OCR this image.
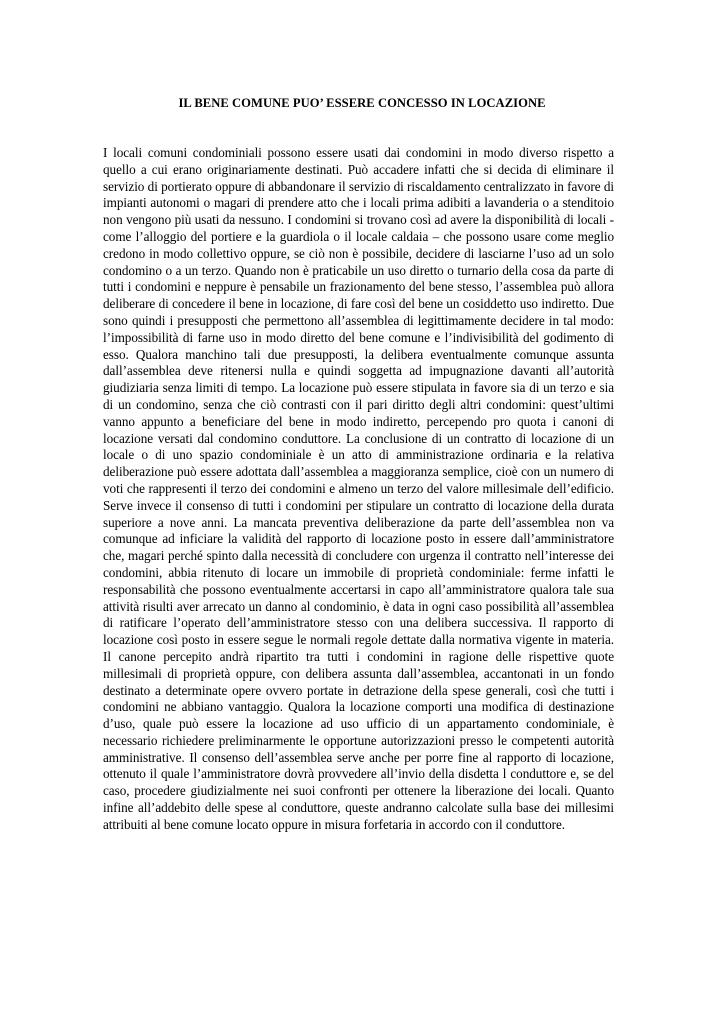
IL BENE COMUNE PUO’ ESSERE CONCESSO IN LOCAZIONE

I locali comuni condominiali possono essere usati dai condomini in modo diverso rispetto a quello a cui erano originariamente destinati. Può accadere infatti che si decida di eliminare il servizio di portierato oppure di abbandonare il servizio di riscaldamento centralizzato in favore di impianti autonomi o magari di prendere atto che i locali prima adibiti a lavanderia o a stenditoio non vengono più usati da nessuno. I condomini si trovano così ad avere la disponibilità di locali - come l’alloggio del portiere e la guardiola o il locale caldaia – che possono usare come meglio credono in modo collettivo oppure, se ciò non è possibile, decidere di lasciarne l’uso ad un solo condomino o a un terzo. Quando non è praticabile un uso diretto o turnario della cosa da parte di tutti i condomini e neppure è pensabile un frazionamento del bene stesso, l’assemblea può allora deliberare di concedere il bene in locazione, di fare così del bene un cosiddetto uso indiretto. Due sono quindi i presupposti che permettono all’assemblea di legittimamente decidere in tal modo: l’impossibilità di farne uso in modo diretto del bene comune e l’indivisibilità del godimento di esso. Qualora manchino tali due presupposti, la delibera eventualmente comunque assunta dall’assemblea deve ritenersi nulla e quindi soggetta ad impugnazione davanti all’autorità giudiziaria senza limiti di tempo. La locazione può essere stipulata in favore sia di un terzo e sia di un condomino, senza che ciò contrasti con il pari diritto degli altri condomini: quest’ultimi vanno appunto a beneficiare del bene in modo indiretto, percependo pro quota i canoni di locazione versati dal condomino conduttore. La conclusione di un contratto di locazione di un locale o di uno spazio condominiale è un atto di amministrazione ordinaria e la relativa deliberazione può essere adottata dall’assemblea a maggioranza semplice, cioè con un numero di voti che rappresenti il terzo dei condomini e almeno un terzo del valore millesimale dell’edificio. Serve invece il consenso di tutti i condomini per stipulare un contratto di locazione della durata superiore a nove anni. La mancata preventiva deliberazione da parte dell’assemblea non va comunque ad inficiare la validità del rapporto di locazione posto in essere dall’amministratore che, magari perché spinto dalla necessità di concludere con urgenza il contratto nell’interesse dei condomini, abbia ritenuto di locare un immobile di proprietà condominiale: ferme infatti le responsabilità che possono eventualmente accertarsi in capo all’amministratore qualora tale sua attività risulti aver arrecato un danno al condominio, è data in ogni caso possibilità all’assemblea di ratificare l’operato dell’amministratore stesso con una delibera successiva. Il rapporto di locazione così posto in essere segue le normali regole dettate dalla normativa vigente in materia. Il canone percepito andrà ripartito tra tutti i condomini in ragione delle rispettive quote millesimali di proprietà oppure, con delibera assunta dall’assemblea, accantonati in un fondo destinato a determinate opere ovvero portate in detrazione della spese generali, così che tutti i condomini ne abbiano vantaggio. Qualora la locazione comporti una modifica di destinazione d’uso, quale può essere la locazione ad uso ufficio di un appartamento condominiale, è necessario richiedere preliminarmente le opportune autorizzazioni presso le competenti autorità amministrative. Il consenso dell’assemblea serve anche per porre fine al rapporto di locazione, ottenuto il quale l’amministratore dovrà provvedere all’invio della disdetta l conduttore e, se del caso, procedere giudizialmente nei suoi confronti per ottenere la liberazione dei locali. Quanto infine all’addebito delle spese al conduttore, queste andranno calcolate sulla base dei millesimi attribuiti al bene comune locato oppure in misura forfetaria in accordo con il conduttore.
